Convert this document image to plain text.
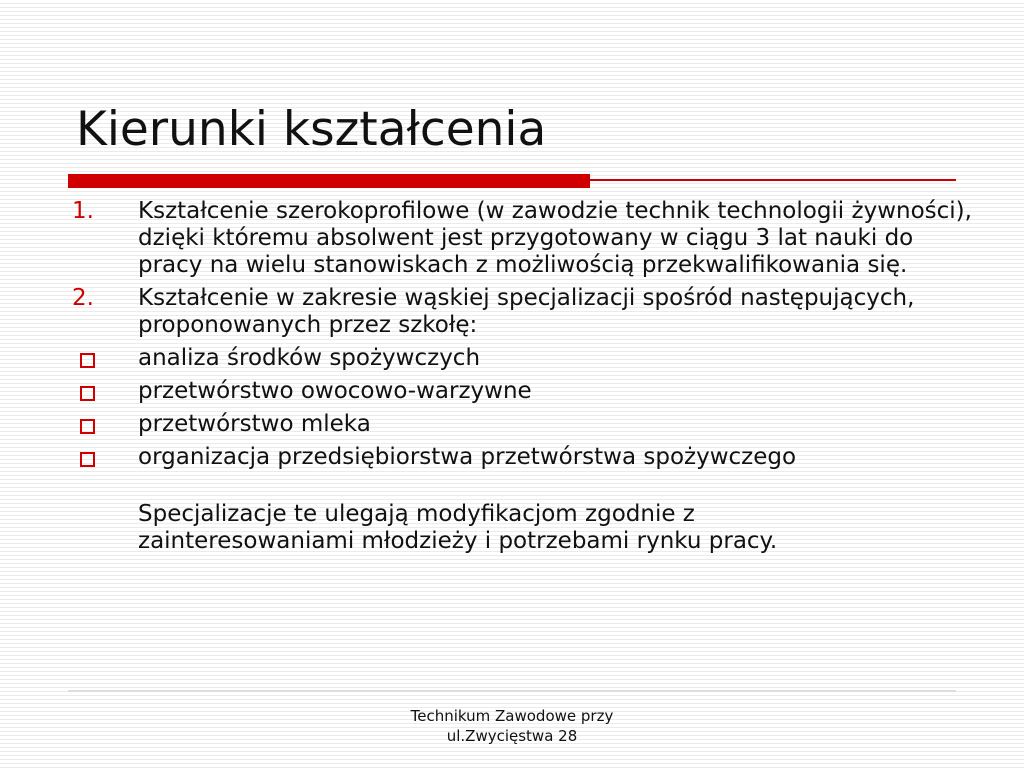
Kierunki kształcenia
1. Kształcenie szerokoprofilowe (w zawodzie technik technologii żywności), dzięki któremu absolwent jest przygotowany w ciągu 3 lat nauki do pracy na wielu stanowiskach z możliwością przekwalifikowania się.
2. Kształcenie w zakresie wąskiej specjalizacji spośród następujących, proponowanych przez szkołę:
analiza środków spożywczych
przetwórstwo owocowo-warzywne
przetwórstwo mleka
organizacja przedsiębiorstwa przetwórstwa spożywczego
Specjalizacje te ulegają modyfikacjom zgodnie z zainteresowaniami młodzieży i potrzebami rynku pracy.
Technikum Zawodowe przy
ul.Zwycięstwa 28
